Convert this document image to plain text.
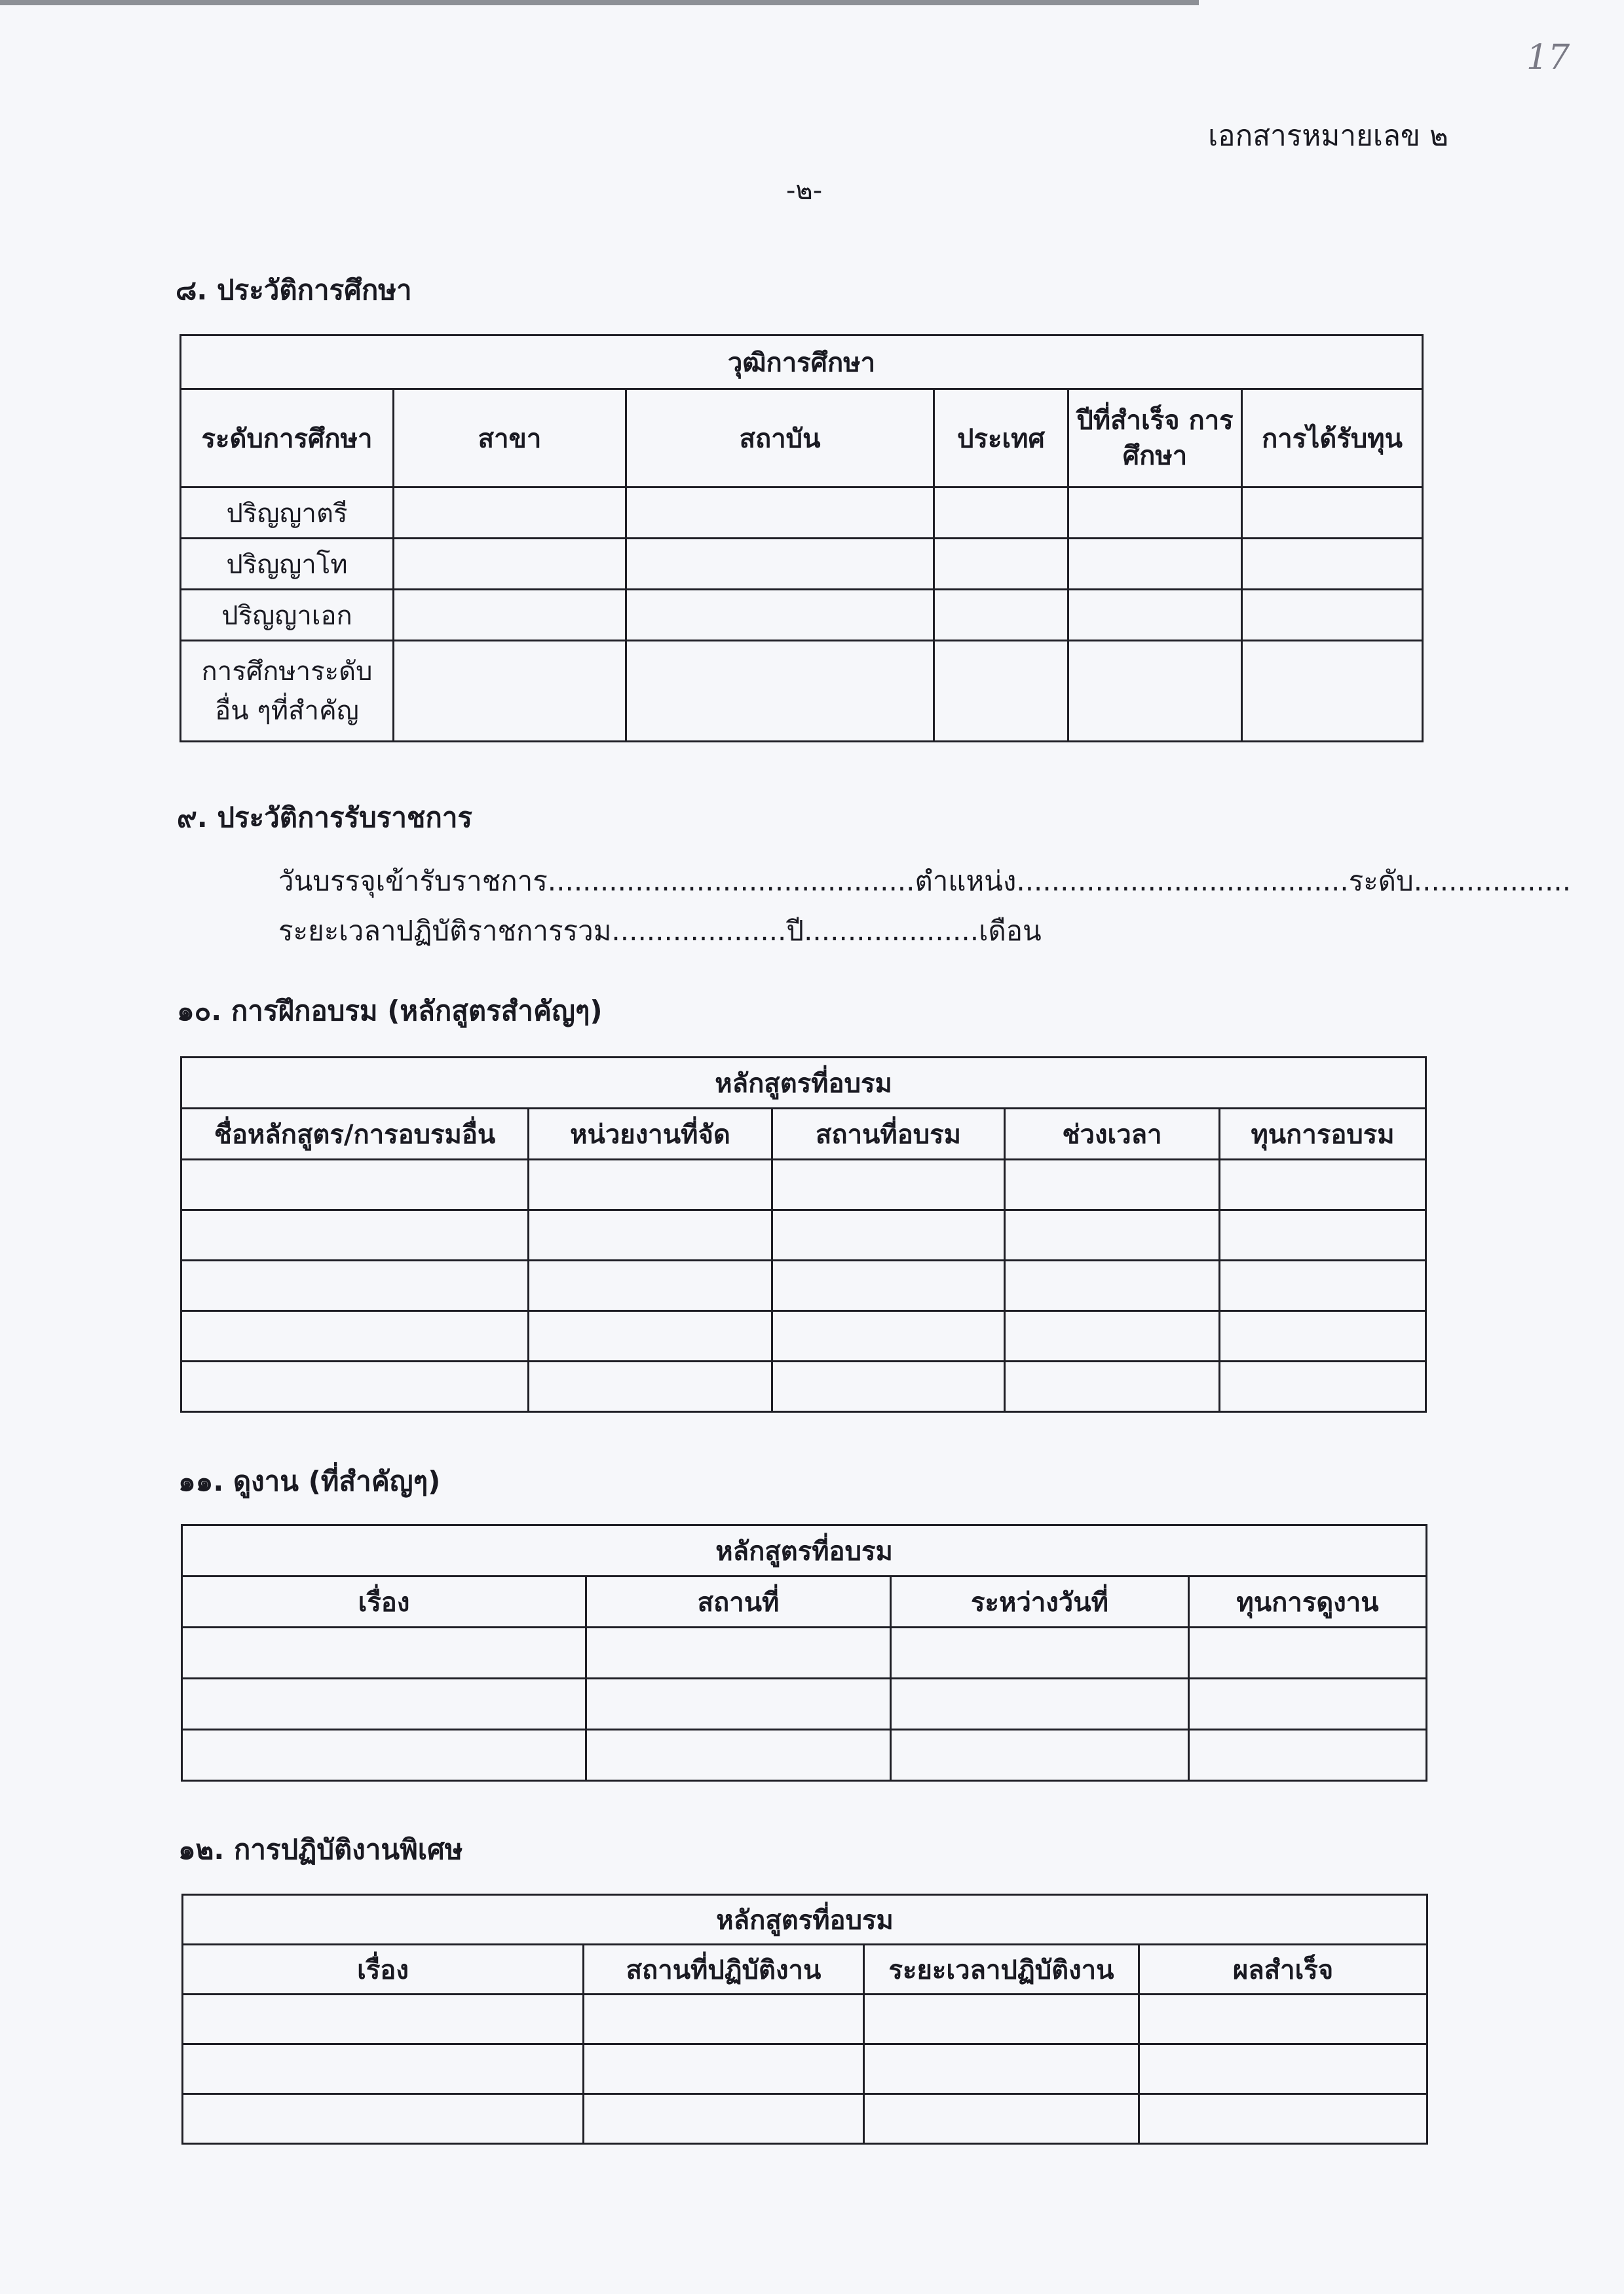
17
เอกสารหมายเลข ๒
-๒-
๘. ประวัติการศึกษา
วุฒิการศึกษา					
ระดับการศึกษา	สาขา	สถาบัน	ประเทศ	ปีที่สำเร็จ การศึกษา	การได้รับทุน
ปริญญาตรี					
ปริญญาโท					
ปริญญาเอก					
การศึกษาระดับ อื่น ๆที่สำคัญ					
๙. ประวัติการรับราชการ
วันบรรจุเข้ารับราชการ..........................................ตำแหน่ง......................................ระดับ..................
ระยะเวลาปฏิบัติราชการรวม....................ปี....................เดือน
๑๐. การฝึกอบรม (หลักสูตรสำคัญๆ)
หลักสูตรที่อบรม				
ชื่อหลักสูตร/การอบรมอื่น	หน่วยงานที่จัด	สถานที่อบรม	ช่วงเวลา	ทุนการอบรม

๑๑. ดูงาน (ที่สำคัญๆ)
หลักสูตรที่อบรม			
เรื่อง	สถานที่	ระหว่างวันที่	ทุนการดูงาน

๑๒. การปฏิบัติงานพิเศษ
หลักสูตรที่อบรม			
เรื่อง	สถานที่ปฏิบัติงาน	ระยะเวลาปฏิบัติงาน	ผลสำเร็จ
